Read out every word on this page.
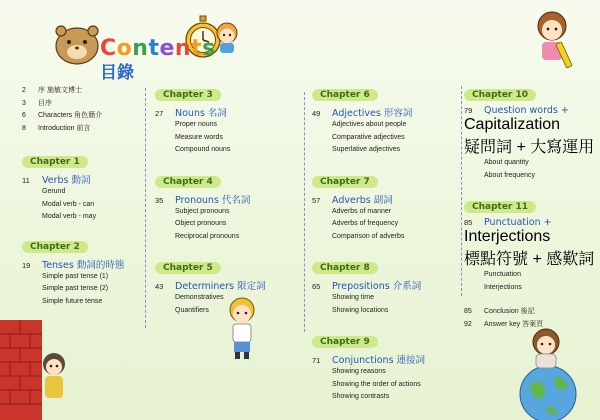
Contents
目錄
2 序 施敏文博士
3 目序
6 Characters 角色簡介
8 Introduction 前言
Chapter 1
11	Verbs 動詞
Gerund
Modal verb - can
Modal verb - may
Chapter 2
19	Tenses 動詞的時態
Simple past tense (1)
Simple past tense (2)
Simple future tense
Chapter 3
27	Nouns 名詞
Proper nouns
Measure words
Compound nouns
Chapter 4
35	Pronouns 代名詞
Subject pronouns
Object pronouns
Reciprocal pronouns
Chapter 5
43	Determiners 限定詞
Demonstratives
Quantifiers
Chapter 6
49	Adjectives 形容詞
Adjectives about people
Comparative adjectives
Superlative adjectives
Chapter 7
57	Adverbs 副詞
Adverbs of manner
Adverbs of frequency
Comparison of adverbs
Chapter 8
65	Prepositions 介系詞
Showing time
Showing locations
Chapter 9
71	Conjunctions 連接詞
Showing reasons
Showing the order of actions
Showing contrasts
Chapter 10
79	Question words +
Capitalization
疑問詞 + 大寫運用
About quantity
About frequency
Chapter 11
85	Punctuation +
Interjections
標點符號 + 感歎詞
Punctuation
Interjections
85 Conclusion 後記
92 Answer key 答案頁
